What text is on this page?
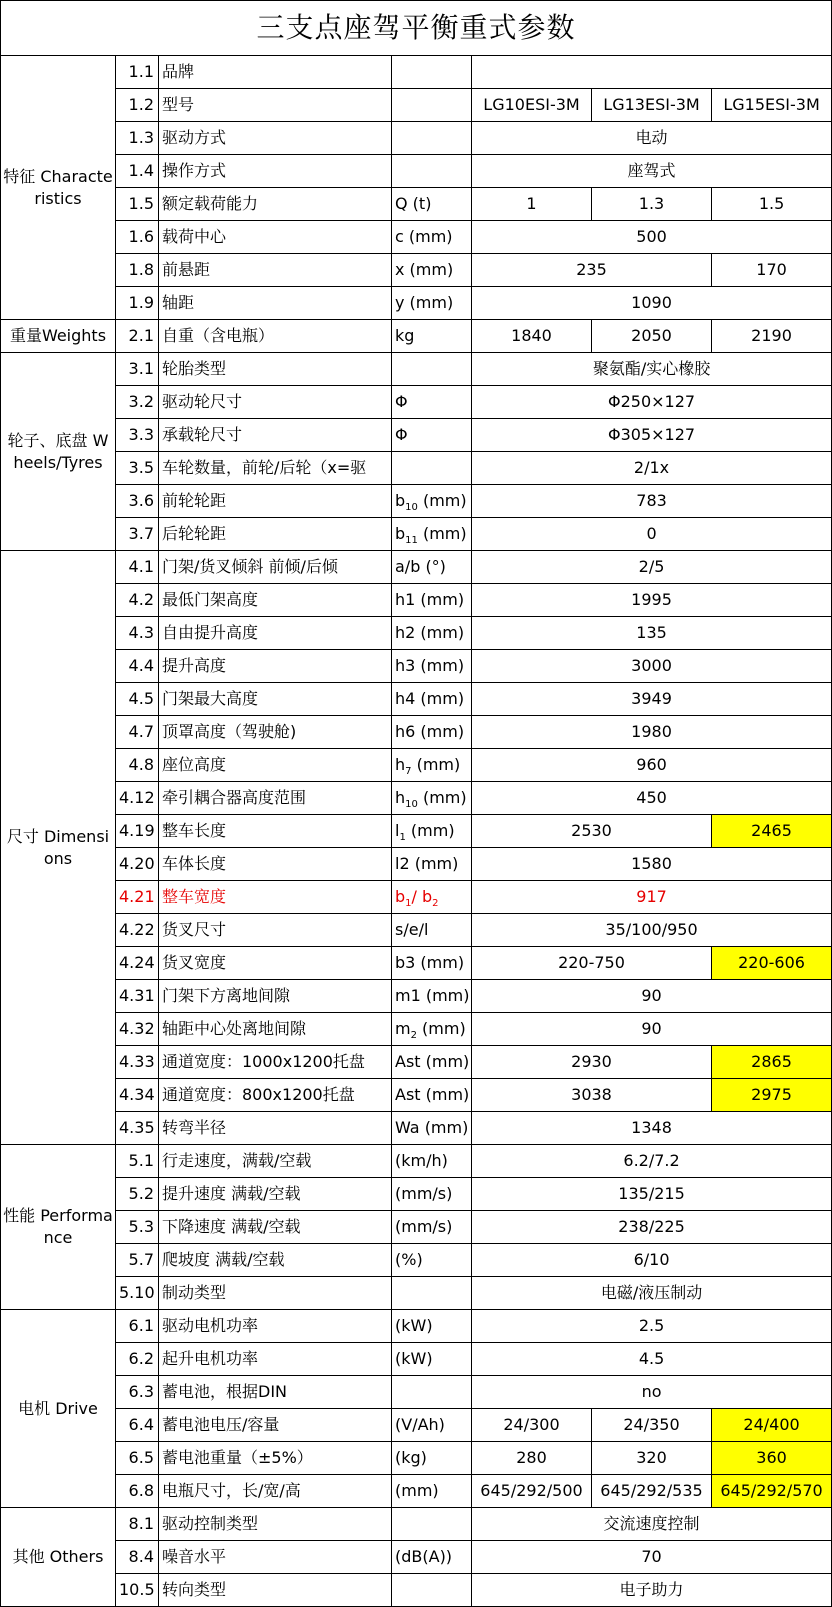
三支点座驾平衡重式参数						
特征 Characteristics	1.1	品牌				
	1.2	型号		LG10ESⅠ-3M	LG13ESⅠ-3M	LG15ESⅠ-3M
	1.3	驱动方式		电动		
	1.4	操作方式		座驾式		
	1.5	额定载荷能力	Q (t)	1	1.3	1.5
	1.6	载荷中心	c (mm)	500		
	1.8	前悬距	x (mm)	235		170
	1.9	轴距	y (mm)	1090		
重量Weights	2.1	自重（含电瓶）	kg	1840	2050	2190
轮子、底盘 Wheels/Tyres	3.1	轮胎类型		聚氨酯/实心橡胶		
	3.2	驱动轮尺寸	Φ	Φ250×127		
	3.3	承载轮尺寸	Φ	Φ305×127		
	3.5	车轮数量，前轮/后轮（x=驱		2/1x		
	3.6	前轮轮距	$b_{10}$ (mm)	783		
	3.7	后轮轮距	$b_{11}$ (mm)	0		
尺寸 Dimensions	4.1	门架/货叉倾斜 前倾/后倾	a/b (°)	2/5		
	4.2	最低门架高度	h1 (mm)	1995		
	4.3	自由提升高度	h2 (mm)	135		
	4.4	提升高度	h3 (mm)	3000		
	4.5	门架最大高度	h4 (mm)	3949		
	4.7	顶罩高度（驾驶舱)	h6 (mm)	1980		
	4.8	座位高度	$h_7$ (mm)	960		
	4.12	牵引耦合器高度范围	$h_{10}$ (mm)	450		
	4.19	整车长度	$l_1$ (mm)	2530		2465
	4.20	车体长度	l2 (mm)	1580		
	4.21	整车宽度	$b_1/$ $b_2$	917		
	4.22	货叉尺寸	s/e/l	35/100/950		
	4.24	货叉宽度	b3 (mm)	220-750		220-606
	4.31	门架下方离地间隙	m1 (mm)	90		
	4.32	轴距中心处离地间隙	$m_2$ (mm)	90		
	4.33	通道宽度：1000x1200托盘	Ast (mm)	2930		2865
	4.34	通道宽度：800x1200托盘	Ast (mm)	3038		2975
	4.35	转弯半径	Wa (mm)	1348		
性能 Performance	5.1	行走速度，满载/空载	(km/h)	6.2/7.2		
	5.2	提升速度 满载/空载	(mm/s)	135/215		
	5.3	下降速度 满载/空载	(mm/s)	238/225		
	5.7	爬坡度 满载/空载	(%)	6/10		
	5.10	制动类型		电磁/液压制动		
电机 Drive	6.1	驱动电机功率	(kW)	2.5		
	6.2	起升电机功率	(kW)	4.5		
	6.3	蓄电池，根据DIN		no		
	6.4	蓄电池电压/容量	(V/Ah)	24/300	24/350	24/400
	6.5	蓄电池重量（±5%）	(kg)	280	320	360
	6.8	电瓶尺寸，长/宽/高	(mm)	645/292/500	645/292/535	645/292/570
其他 Others	8.1	驱动控制类型		交流速度控制		
	8.4	噪音水平	(dB(A))	70		
	10.5	转向类型		电子助力		
